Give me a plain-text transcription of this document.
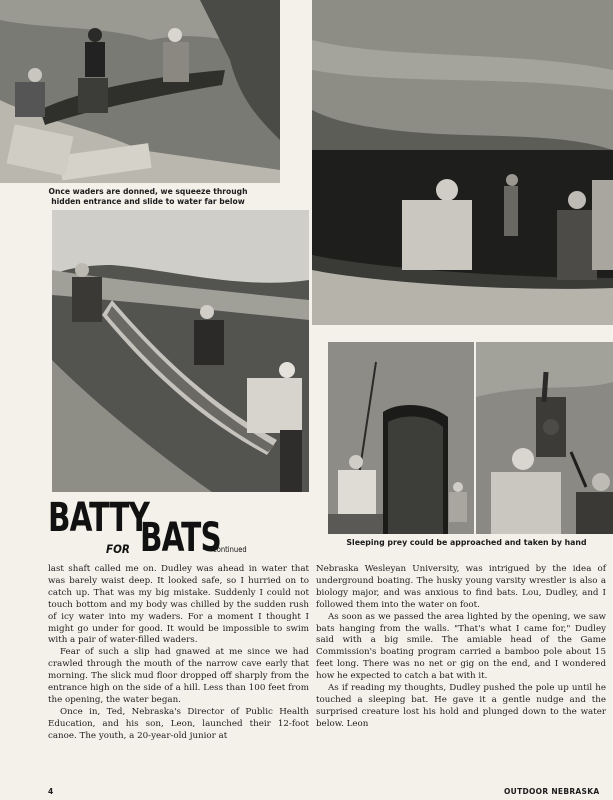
Once waders are donned, we squeeze through hidden entrance and slide to water far below
Sleeping prey could be approached and taken by hand
BATTY
FOR BATS
continued

last shaft called me on. Dudley was ahead in water that was barely waist deep. It looked safe, so I hurried on to catch up. That was my big mistake. Suddenly I could not touch bottom and my body was chilled by the sudden rush of icy water into my waders. For a moment I thought I might go under for good. It would be impossible to swim with a pair of water-filled waders.

Fear of such a slip had gnawed at me since we had crawled through the mouth of the narrow cave early that morning. The slick mud floor dropped off sharply from the entrance high on the side of a hill. Less than 100 feet from the opening, the water began.

Once in, Ted, Nebraska's Director of Public Health Education, and his son, Leon, launched their 12-foot canoe. The youth, a 20-year-old junior at

Nebraska Wesleyan University, was intrigued by the idea of underground boating. The husky young varsity wrestler is also a biology major, and was anxious to find bats. Lou, Dudley, and I followed them into the water on foot.

As soon as we passed the area lighted by the opening, we saw bats hanging from the walls. "That's what I came for," Dudley said with a big smile. The amiable head of the Game Commission's boating program carried a bamboo pole about 15 feet long. There was no net or gig on the end, and I wondered how he expected to catch a bat with it.

As if reading my thoughts, Dudley pushed the pole up until he touched a sleeping bat. He gave it a gentle nudge and the surprised creature lost his hold and plunged down to the water below. Leon

4	OUTDOOR NEBRASKA
